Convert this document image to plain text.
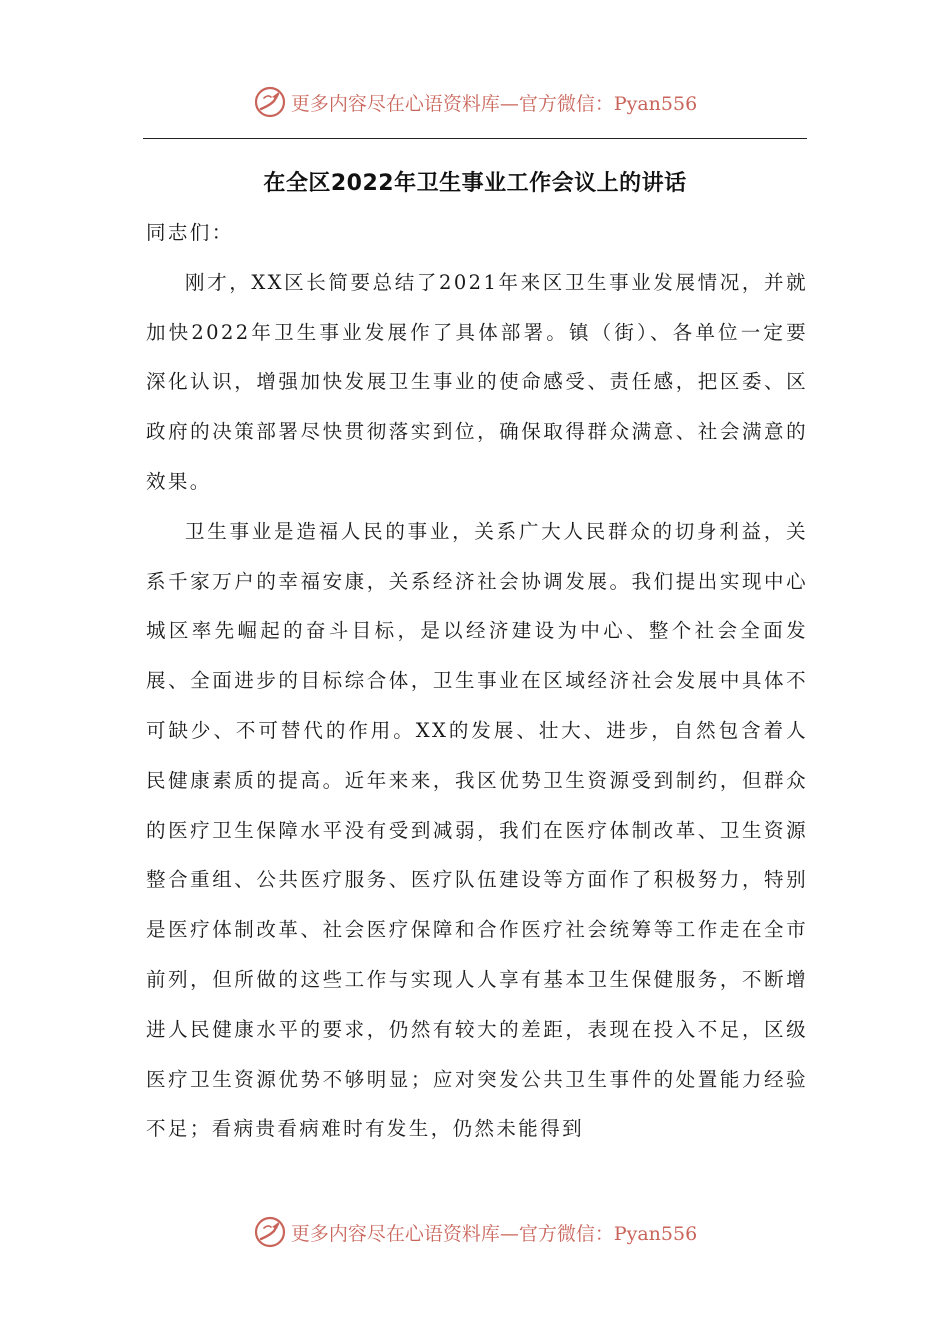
更多内容尽在心语资料库—官方微信：Pyan556
在全区2022年卫生事业工作会议上的讲话

同志们：

刚才，XX区长简要总结了2021年来区卫生事业发展情况，并就加快2022年卫生事业发展作了具体部署。镇（街）、各单位一定要深化认识，增强加快发展卫生事业的使命感受、责任感，把区委、区政府的决策部署尽快贯彻落实到位，确保取得群众满意、社会满意的效果。

卫生事业是造福人民的事业，关系广大人民群众的切身利益，关系千家万户的幸福安康，关系经济社会协调发展。我们提出实现中心城区率先崛起的奋斗目标，是以经济建设为中心、整个社会全面发展、全面进步的目标综合体，卫生事业在区域经济社会发展中具体不可缺少、不可替代的作用。XX的发展、壮大、进步，自然包含着人民健康素质的提高。近年来来，我区优势卫生资源受到制约，但群众的医疗卫生保障水平没有受到减弱，我们在医疗体制改革、卫生资源整合重组、公共医疗服务、医疗队伍建设等方面作了积极努力，特别是医疗体制改革、社会医疗保障和合作医疗社会统筹等工作走在全市前列，但所做的这些工作与实现人人享有基本卫生保健服务，不断增进人民健康水平的要求，仍然有较大的差距，表现在投入不足，区级医疗卫生资源优势不够明显；应对突发公共卫生事件的处置能力经验不足；看病贵看病难时有发生，仍然未能得到

更多内容尽在心语资料库—官方微信：Pyan556
